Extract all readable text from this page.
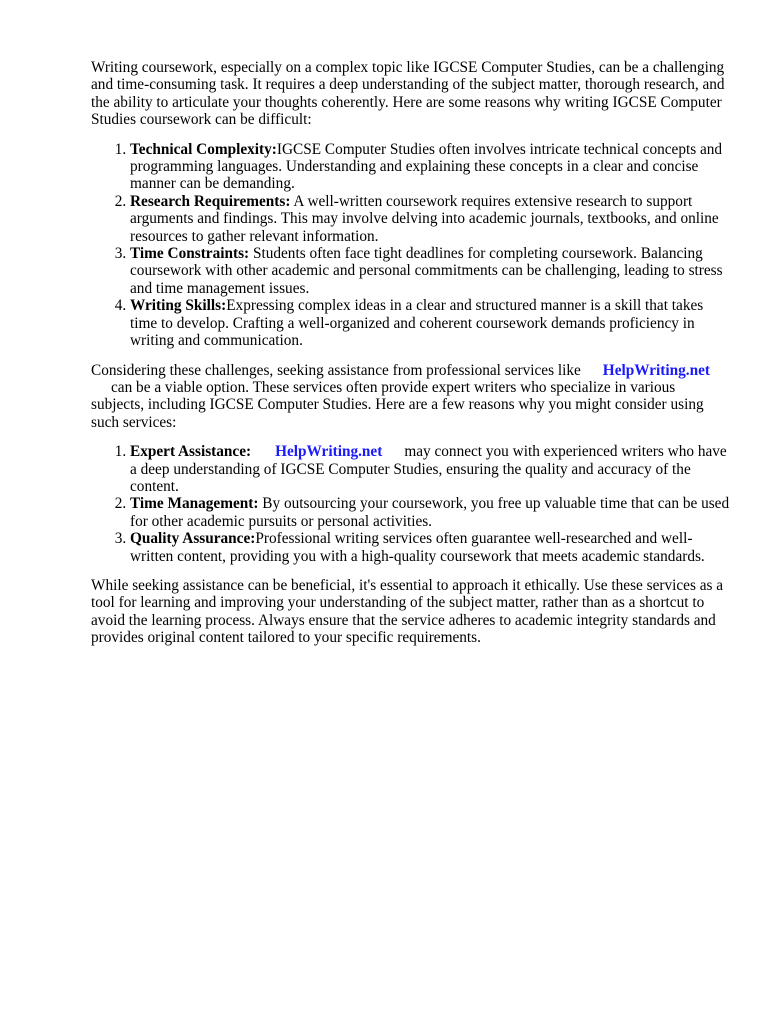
Writing coursework, especially on a complex topic like IGCSE Computer Studies, can be a challenging and time-consuming task. It requires a deep understanding of the subject matter, thorough research, and the ability to articulate your thoughts coherently. Here are some reasons why writing IGCSE Computer Studies coursework can be difficult:

1. Technical Complexity:IGCSE Computer Studies often involves intricate technical concepts and programming languages. Understanding and explaining these concepts in a clear and concise manner can be demanding.
2. Research Requirements: A well-written coursework requires extensive research to support arguments and findings. This may involve delving into academic journals, textbooks, and online resources to gather relevant information.
3. Time Constraints: Students often face tight deadlines for completing coursework. Balancing coursework with other academic and personal commitments can be challenging, leading to stress and time management issues.
4. Writing Skills:Expressing complex ideas in a clear and structured manner is a skill that takes time to develop. Crafting a well-organized and coherent coursework demands proficiency in writing and communication.

Considering these challenges, seeking assistance from professional services like HelpWriting.net
can be a viable option. These services often provide expert writers who specialize in various
subjects, including IGCSE Computer Studies. Here are a few reasons why you might consider using such services:

1. Expert Assistance: HelpWriting.net may connect you with experienced writers who have a deep understanding of IGCSE Computer Studies, ensuring the quality and accuracy of the content.
2. Time Management: By outsourcing your coursework, you free up valuable time that can be used for other academic pursuits or personal activities.
3. Quality Assurance:Professional writing services often guarantee well-researched and well-written content, providing you with a high-quality coursework that meets academic standards.

While seeking assistance can be beneficial, it's essential to approach it ethically. Use these services as a tool for learning and improving your understanding of the subject matter, rather than as a shortcut to avoid the learning process. Always ensure that the service adheres to academic integrity standards and provides original content tailored to your specific requirements.
